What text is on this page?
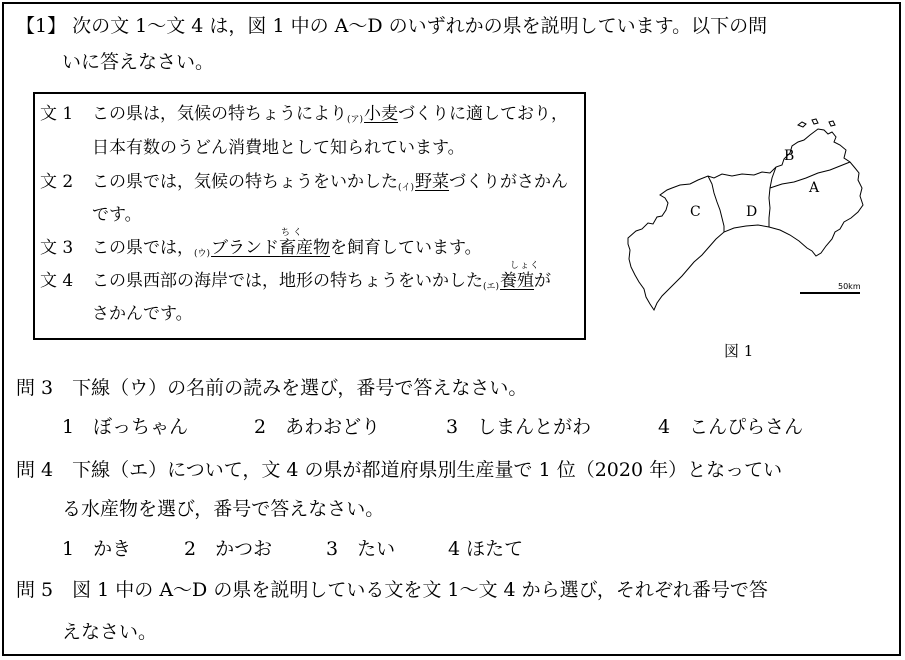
【1】 次の文 1〜文 4 は，図 1 中の A〜D のいずれかの県を説明しています。以下の問
いに答えなさい。
文 1 この県は，気候の特ちょうにより(ア)小麦づくりに適しており，
日本有数のうどん消費地として知られています。
文 2 この県では，気候の特ちょうをいかした(イ)野菜づくりがさかん
です。
文 3 この県では，(ウ)ブランド畜
ちく
産物を飼育しています。
文 4 この県西部の海岸では，地形の特ちょうをいかした(エ)養殖
しょく
が
さかんです。
A
B
C	D
50km
図 1
問 3　下線（ウ）の名前の読みを選び，番号で答えなさい。
1　ぼっちゃん	2　あわおどり	3　しまんとがわ	4　こんぴらさん
問 4　下線（エ）について，文 4 の県が都道府県別生産量で 1 位（2020 年）となってい
る水産物を選び，番号で答えなさい。
1　かき	2　かつお	3　たい	4 ほたて
問 5　図 1 中の A〜D の県を説明している文を文 1〜文 4 から選び，それぞれ番号で答
えなさい。
